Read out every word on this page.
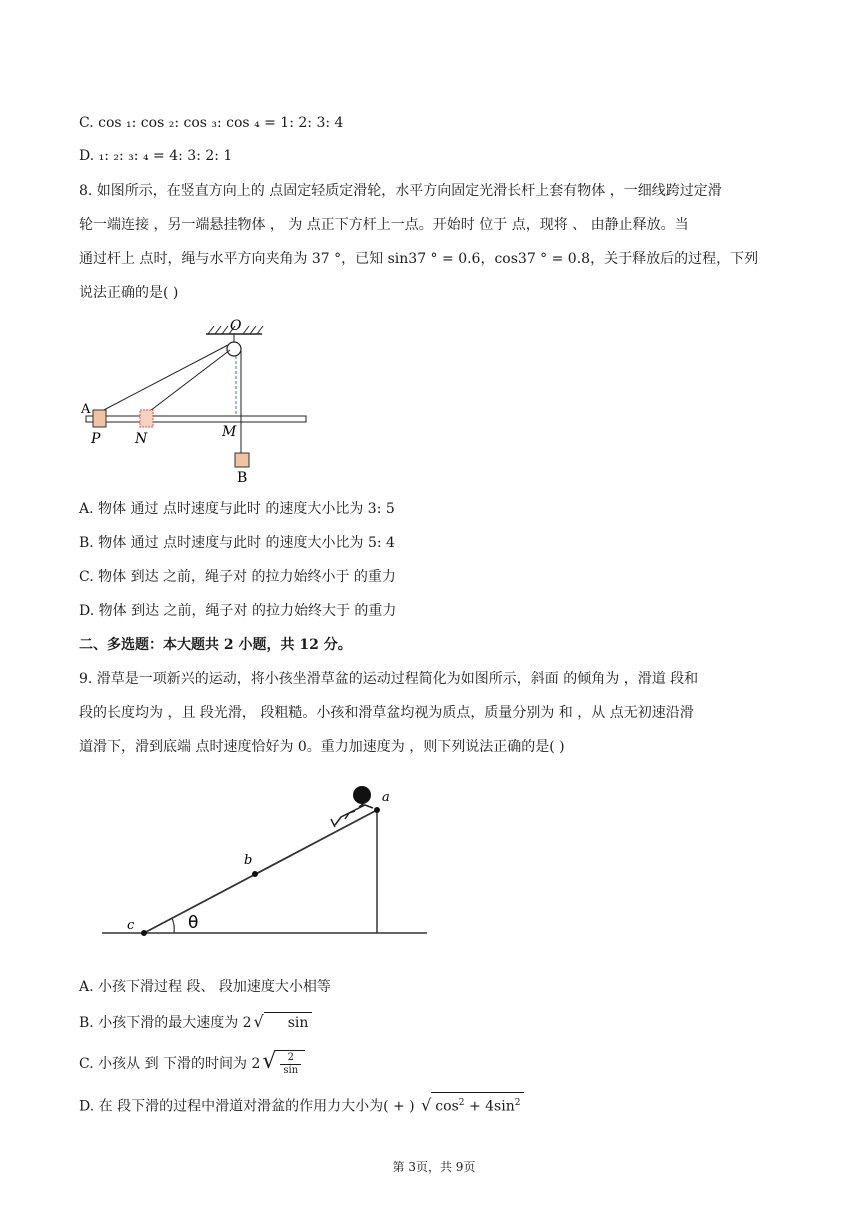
C. cos ₁: cos ₂: cos ₃: cos ₄ = 1: 2: 3: 4
D. ₁: ₂: ₃: ₄ = 4: 3: 2: 1
8. 如图所示，在竖直方向上的 点固定轻质定滑轮，水平方向固定光滑长杆上套有物体 ，一细线跨过定滑
轮一端连接 ，另一端悬挂物体 ， 为 点正下方杆上一点。开始时 位于 点，现将 、 由静止释放。当
通过杆上 点时，绳与水平方向夹角为 37 °，已知 sin37 ° = 0.6，cos37 ° = 0.8，关于释放后的过程，下列
说法正确的是( )
O
A
P N	M
B
A. 物体 通过 点时速度与此时 的速度大小比为 3: 5
B. 物体 通过 点时速度与此时 的速度大小比为 5: 4
C. 物体 到达 之前，绳子对 的拉力始终小于 的重力
D. 物体 到达 之前，绳子对 的拉力始终大于 的重力
二、多选题：本大题共 2 小题，共 12 分。
9. 滑草是一项新兴的运动，将小孩坐滑草盆的运动过程简化为如图所示，斜面 的倾角为 ，滑道 段和
段的长度均为 ，且 段光滑， 段粗糙。小孩和滑草盆均视为质点，质量分别为 和 ，从 点无初速沿滑
道滑下，滑到底端 点时速度恰好为 0。重力加速度为 ，则下列说法正确的是( )
a
b
c	θ
A. 小孩下滑过程 段、 段加速度大小相等
B. 小孩下滑的最大速度为 2 √ sin
C. 小孩从 到 下滑的时间为 $2√ \frac{2}{\sin}$
D. 在 段下滑的过程中滑道对滑盆的作用力大小为( + ) √ $\cos^2 + 4\sin^2$
第 3页，共 9页
